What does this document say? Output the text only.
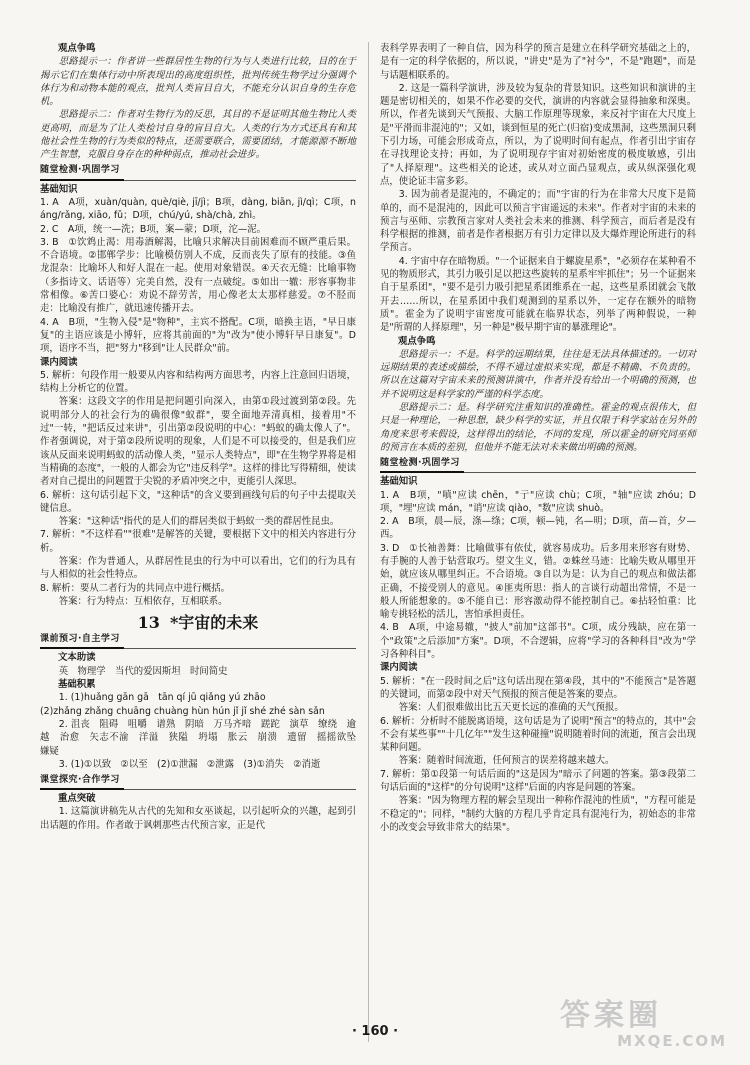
观点争鸣
思路提示一：作者讲一些群居性生物的行为与人类进行比较，目的在于揭示它们在集体行动中所表现出的高度组织性，批判传统生物学过分强调个体行为和动物本能的观点，批判人类盲目自大，不能充分认识自身的生存危机。
思路提示二：作者对生物行为的反思，其目的不是证明其他生物比人类更高明，而是为了让人类检讨自身的盲目自大。人类的行为方式还具有和其他社会性生物的行为类似的特点，还需要联合，需要团结，才能源源不断地产生智慧，克服自身存在的种种弱点，推动社会进步。
随堂检测·巩固学习
基础知识
1. A　A项，xuàn/quàn, què/qiè, jī/jì；B项，dàng, biān, jì/qì；C项，náng/rǎng, xiāo, fǔ；D项，chú/yú, shà/chà, zhì。
2. C　A项，统一—洗；B项，案—蒙；D项，沱—泥。
3. B　①饮鸩止渴：用毒酒解渴，比喻只求解决目前困难而不顾严重后果。不合语境。②邯郸学步：比喻模仿别人不成，反而丧失了原有的技能。③鱼龙混杂：比喻坏人和好人混在一起。使用对象错误。④天衣无缝：比喻事物（多指诗文、话语等）完美自然，没有一点破绽。⑤如出一辙：形容事物非常相像。⑥苦口婆心：劝说不辞劳苦，用心像老太太那样慈爱。⑦不胫而走：比喻没有推广，就迅速传播开去。
4. A　B项，"生物入侵"是"物种"，主宾不搭配。C项，暗换主语，"早日康复"的主语应该是小博轩，应将其前面的"为"改为"使小博轩早日康复"。D项，语序不当，把"努力"移到"让人民群众"前。
课内阅读
5. 解析：句段作用一般要从内容和结构两方面思考，内容上注意回归语境，结构上分析它的位置。
答案：这段文字的作用是把问题引向深入，由第①段过渡到第②段。先说明部分人的社会行为的确很像"蚁群"，要全面地弄清真相，接着用"不过"一转，"把话反过来讲"，引出第②段说明的中心："蚂蚁的确太像人了"。作者强调说，对于第②段所说明的现象，人们是不可以接受的，但是我们应该从反面来说明蚂蚁的活动像人类，"显示人类特点"，即"在生物学界将是相当精确的态度"，一般的人都会为它"违反科学"。这样的排比写得精细，使读者对自己提出的问题置于尖锐的矛盾冲突之中，更能引人深思。
6. 解析：这句话引起下文，"这种话"的含义要到画线句后的句子中去提取关键信息。
答案："这种话"指代的是人们的群居类似于蚂蚁一类的群居性昆虫。
7. 解析："不这样看""很难"是解答的关键，要根据下文中的相关内容进行分析。
答案：作为普通人，从群居性昆虫的行为中可以看出，它们的行为具有与人相似的社会性特点。
8. 解析：要从二者行为的共同点中进行概括。
答案：行为特点：互相依存，互相联系。
13 *宇宙的未来
课前预习·自主学习
文本助读
英　物理学　当代的爱因斯坦　时间简史
基础积累
1. (1)huǎng gān gā　tān qí jū qiǎng yú zhāo
(2)zhǎng zhǎng chuāng chuàng hùn hún jǐ jǐ shé zhé sàn sǎn
2. 沮丧　阻碍　咀嚼　谱熟　阴暗　万马齐喑　蹉跎　演草　缭绕　逾越　治愈　矢志不渝　洋溢　狭隘　坍塌　胀云　崩溃　遗留　摇摇欲坠　嫌疑
3. (1)①以致　②以至　(2)①泄漏　②泄露　(3)①消失　②消逝
课堂探究·合作学习
重点突破
1. 这篇演讲稿先从古代的先知和女巫谈起，以引起听众的兴趣，起到引出话题的作用。作者敢于讽刺那些古代预言家，正是代
表科学界表明了一种自信，因为科学的预言是建立在科学研究基础之上的，是有一定的科学依据的，所以说，"讲史"是为了"衬今"，不是"跑题"，而是与话题相联系的。
2. 这是一篇科学演讲，涉及较为复杂的背景知识。这些知识和演讲的主题是密切相关的，如果不作必要的交代，演讲的内容就会显得抽象和深奥。所以，作者先谈到天气预报、大脑工作原理等现象，来反衬宇宙在大尺度上是"平滑而非混沌的"；又如，谈到恒星的死亡(归宿)变成黑洞，这些黑洞只剩下引力场，可能会形成奇点，所以，为了说明时间有起点，作者引出宇宙存在寻找理论支持；再如，为了说明现存宇宙对初始密度的极度敏感，引出了"人择原理"。这些相关的论述，或从对立面凸显观点，或从纵深强化观点，使论证丰富多彩。
3. 因为前者是混沌的，不确定的；而"宇宙的行为在非常大尺度下是简单的，而不是混沌的，因此可以预言宇宙遥远的未来"。作者对宇宙的未来的预言与巫师、宗教预言家对人类社会未来的推测、科学预言，而后者是没有科学根据的推测，前者是作者根据万有引力定律以及大爆炸理论所进行的科学预言。
4. 宇宙中存在暗物质。"一个证据来自于螺旋星系"，"必须存在某种看不见的物质形式，其引力吸引足以把这些旋转的星系牢牢抓住"；另一个证据来自于星系团"，"要不是引力吸引把星系团维系在一起，这些星系团就会飞散开去……所以，在星系团中我们观测到的星系以外，一定存在额外的暗物质"。霍金为了说明宇宙密度可能就在临界状态，列举了两种假说，一种是"所谓的人择原理"，另一种是"极早期宇宙的暴涨理论"。
观点争鸣
思路提示一：不是。科学的远期结果，往往是无法具体描述的。一切对远期结果的表述或描绘，不得不通过虚拟来实现，都是不精确、不负责的。所以在这篇对宇宙未来的预测讲演中，作者并没有给出一个明确的预测，也并不说明这是科学家的严谨的科学态度。
思路提示二：是。科学研究注重知识的准确性。霍金的观点很伟大，但只是一种理论，一种思想，缺少科学的实证，并且仅限于科学家站在另外的角度来思考来假设，这样得出的结论，不同的发现，所以霍金的研究同巫师的预言在本质的差别，但他并不能无法对未来做出明确的预测。
随堂检测·巩固学习
基础知识
1. A　B项，"嗔"应读 chēn，"亍"应读 chù；C项，"轴"应读 zhóu；D项，"埋"应读 mán，"诮"应读 qiào，"数"应读 shuò。
2. A　B项，晨—辰，涤—绦；C项，顿—钝，名—明；D项，苗—首，夕—西。
3. D　①长袖善舞：比喻做事有依仗，就容易成功。后多用来形容有财势、有手腕的人善于钻营取巧。望文生义，错。②蛛丝马迹：比喻失败从哪里开始，就应该从哪里纠正。不合语境。③自以为是：认为自己的观点和做法都正确，不接受别人的意见。④匪夷所思：指人的言谈行动超出常情，不是一般人所能想象的。⑤不能自已：形容激动得不能控制自己。⑥拈轻怕重：比喻专挑轻松的活儿，害怕承担责任。
4. B　A项，中途易辙，"披人"前加"这部书"。C项，成分残缺，应在第一个"政策"之后添加"方案"。D项，不合逻辑，应将"学习的各种科目"改为"学习各种科目"。
课内阅读
5. 解析："在一段时间之后"这句话出现在第④段，其中的"不能预言"是答题的关键词，而第②段中对天气预报的预言便是答案的要点。
答案：人们很难做出比五天更长远的准确的天气预报。
6. 解析：分析时不能脱离语境，这句话是为了说明"预言"的特点的，其中"会不会有某些事""十几亿年""发生这种碰撞"说明随着时间的流逝，预言会出现某种问题。
答案：随着时间流逝，任何预言的误差将越来越大。
7. 解析：第①段第一句话后面的"这是因为"暗示了问题的答案。第③段第二句话后面的"这样"的分句说明"这样"后面的内容是问题的答案。
答案："因为物理方程的解会呈现出一种称作混沌的性质"，"方程可能是不稳定的"；同样，"制约大脑的方程几乎肯定具有混沌行为，初始态的非常小的改变会导致非常大的结果"。
· 160 ·	答案圈
MXQE.COM
